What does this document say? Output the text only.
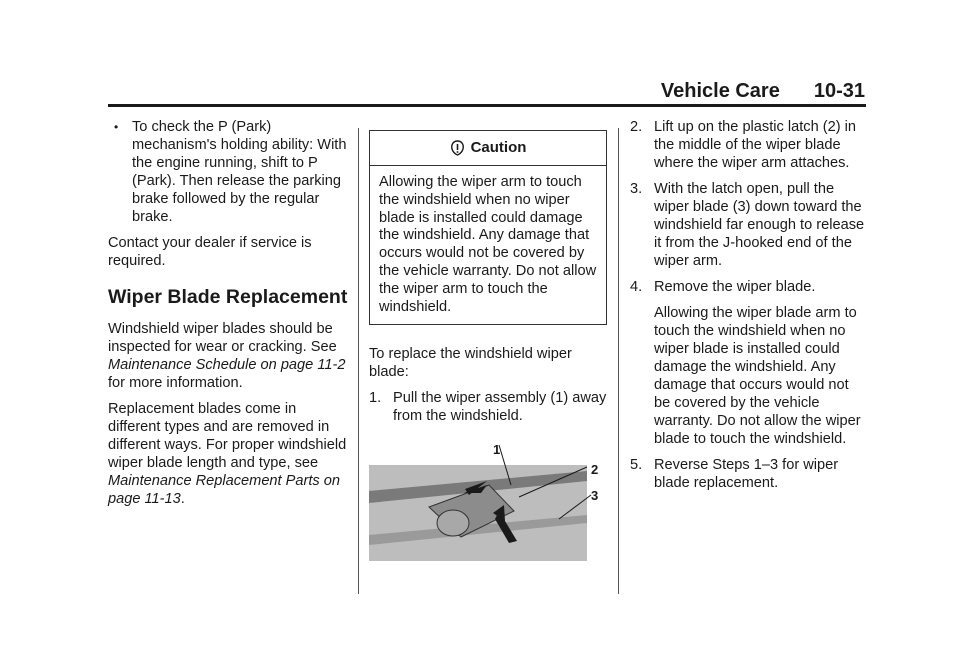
Vehicle Care 10-31
• To check the P (Park) mechanism's holding ability: With the engine running, shift to P (Park). Then release the parking brake followed by the regular brake.

Contact your dealer if service is required.

Wiper Blade Replacement

Windshield wiper blades should be inspected for wear or cracking. See Maintenance Schedule on page 11-2 for more information.

Replacement blades come in different types and are removed in different ways. For proper windshield wiper blade length and type, see Maintenance Replacement Parts on page 11-13.

Caution
Allowing the wiper arm to touch the windshield when no wiper blade is installed could damage the windshield. Any damage that occurs would not be covered by the vehicle warranty. Do not allow the wiper arm to touch the windshield.

To replace the windshield wiper blade:

1. Pull the wiper assembly (1) away from the windshield.
1
2
3
2. Lift up on the plastic latch (2) in the middle of the wiper blade where the wiper arm attaches.
3. With the latch open, pull the wiper blade (3) down toward the windshield far enough to release it from the J-hooked end of the wiper arm.
4. Remove the wiper blade.
Allowing the wiper blade arm to touch the windshield when no wiper blade is installed could damage the windshield. Any damage that occurs would not be covered by the vehicle warranty. Do not allow the wiper blade to touch the windshield.
5. Reverse Steps 1–3 for wiper blade replacement.
